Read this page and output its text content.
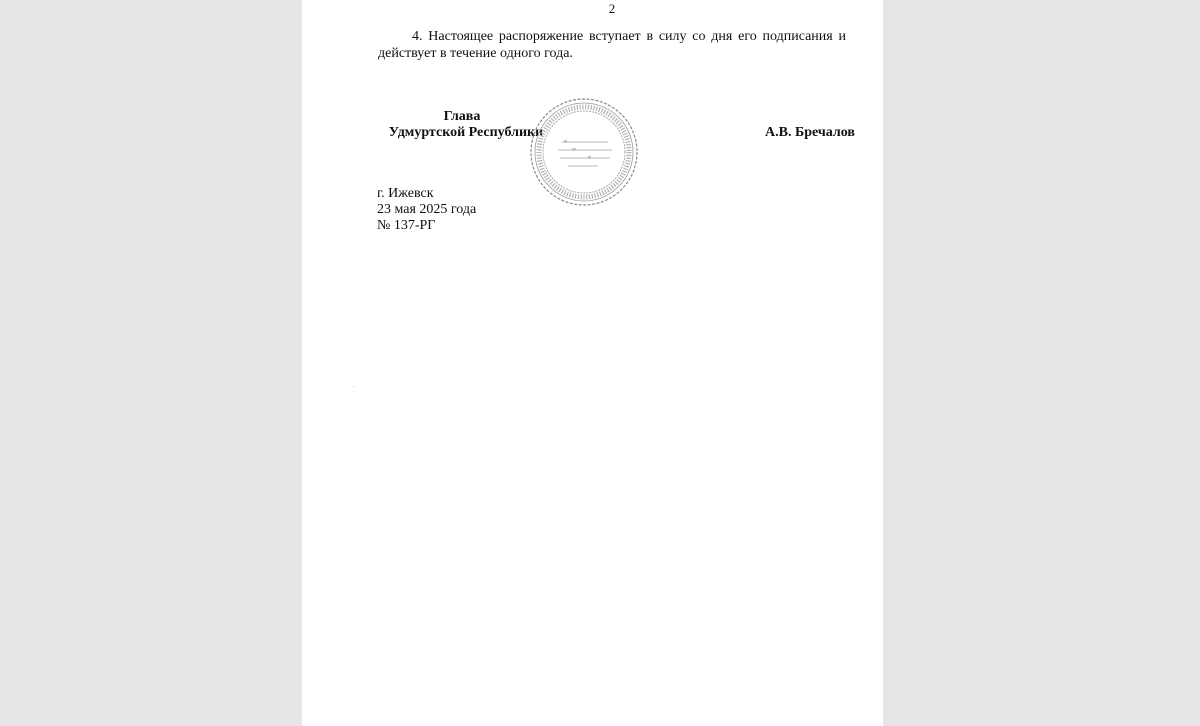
2
4. Настоящее распоряжение вступает в силу со дня его подписания и действует в течение одного года.
Глава
Удмуртской Республики	А.В. Бречалов
г. Ижевск
23 мая 2025 года
№ 137-РГ
